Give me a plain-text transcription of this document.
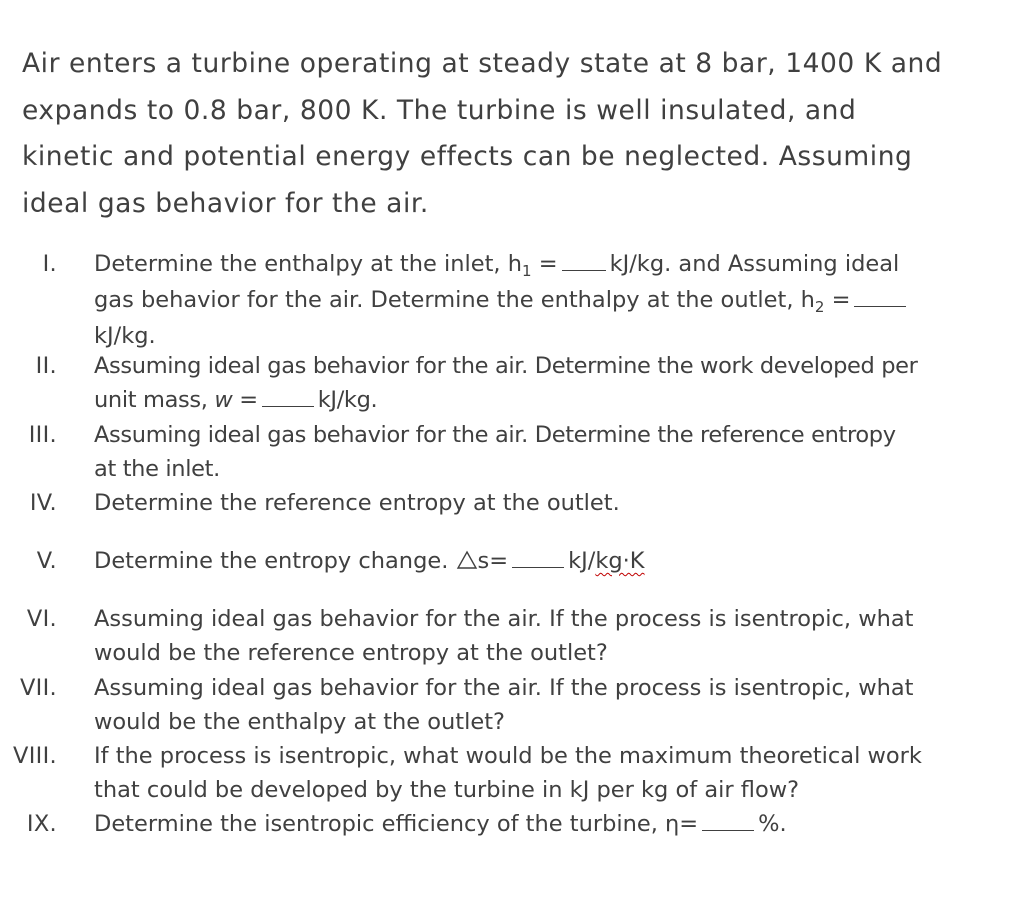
Air enters a turbine operating at steady state at 8 bar, 1400 K and
expands to 0.8 bar, 800 K. The turbine is well insulated, and
kinetic and potential energy effects can be neglected. Assuming
ideal gas behavior for the air.
I. Determine the enthalpy at the inlet, $h_1 = kJ/kg$. and Assuming ideal
gas behavior for the air. Determine the enthalpy at the outlet, $h_2$ =
kJ/kg.
II. Assuming ideal gas behavior for the air. Determine the work developed per
unit mass, w =	kJ/kg.
III. Assuming ideal gas behavior for the air. Determine the reference entropy
at the inlet.
IV. Determine the reference entropy at the outlet.
V. Determine the entropy change.
s=	kJ/kg·K
VI. Assuming ideal gas behavior for the air. If the process is isentropic, what
would be the reference entropy at the outlet?
VII. Assuming ideal gas behavior for the air. If the process is isentropic, what
would be the enthalpy at the outlet?
VIII. If the process is isentropic, what would be the maximum theoretical work
that could be developed by the turbine in kJ per kg of air flow?
IX. Determine the isentropic efficiency of the turbine, η=	%.
